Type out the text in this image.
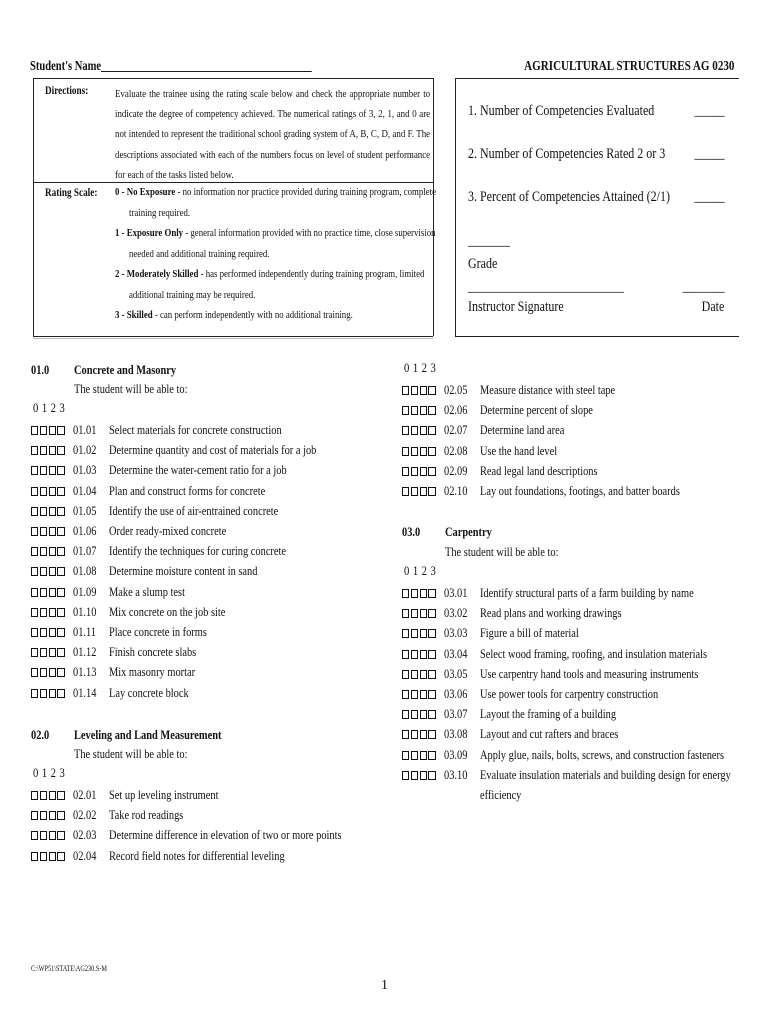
Student's Name________________________________________	AGRICULTURAL STRUCTURES AG 0230
Directions: Evaluate the trainee using the rating scale below and check the appropriate number to indicate the degree of competency achieved. The numerical ratings of 3, 2, 1, and 0 are not intended to represent the traditional school grading system of A, B, C, D, and F. The descriptions associated with each of the numbers focus on level of student performance for each of the tasks listed below.
Rating Scale: 0 - No Exposure - no information nor practice provided during training program, complete
training required.
1 - Exposure Only - general information provided with no practice time, close supervision
needed and additional training required.
2 - Moderately Skilled - has performed independently during training program, limited
additional training may be required.
3 - Skilled - can perform independently with no additional training.
1. Number of Competencies Evaluated	_____
2. Number of Competencies Rated 2 or 3 _____
3. Percent of Competencies Attained (2/1) _____
_______
Grade
__________________________	_______
Instructor Signature	Date
01.0 Concrete and Masonry
The student will be able to:
0 1 2 3
01.01 Select materials for concrete construction
01.02 Determine quantity and cost of materials for a job
01.03 Determine the water-cement ratio for a job
01.04 Plan and construct forms for concrete
01.05 Identify the use of air-entrained concrete
01.06 Order ready-mixed concrete
01.07 Identify the techniques for curing concrete
01.08 Determine moisture content in sand
01.09 Make a slump test
01.10 Mix concrete on the job site
01.11 Place concrete in forms
01.12 Finish concrete slabs
01.13 Mix masonry mortar
01.14 Lay concrete block
02.0 Leveling and Land Measurement
The student will be able to:
0 1 2 3
02.01 Set up leveling instrument
02.02 Take rod readings
02.03 Determine difference in elevation of two or more points
02.04 Record field notes for differential leveling
0 1 2 3
02.05 Measure distance with steel tape
02.06 Determine percent of slope
02.07 Determine land area
02.08 Use the hand level
02.09 Read legal land descriptions
02.10 Lay out foundations, footings, and batter boards
03.0 Carpentry
The student will be able to:
0 1 2 3
03.01 Identify structural parts of a farm building by name
03.02 Read plans and working drawings
03.03 Figure a bill of material
03.04 Select wood framing, roofing, and insulation materials
03.05 Use carpentry hand tools and measuring instruments
03.06 Use power tools for carpentry construction
03.07 Layout the framing of a building
03.08 Layout and cut rafters and braces
03.09 Apply glue, nails, bolts, screws, and construction fasteners
03.10 Evaluate insulation materials and building design for energy
efficiency
C:\WP51\STATE\AG230.S-M
1
